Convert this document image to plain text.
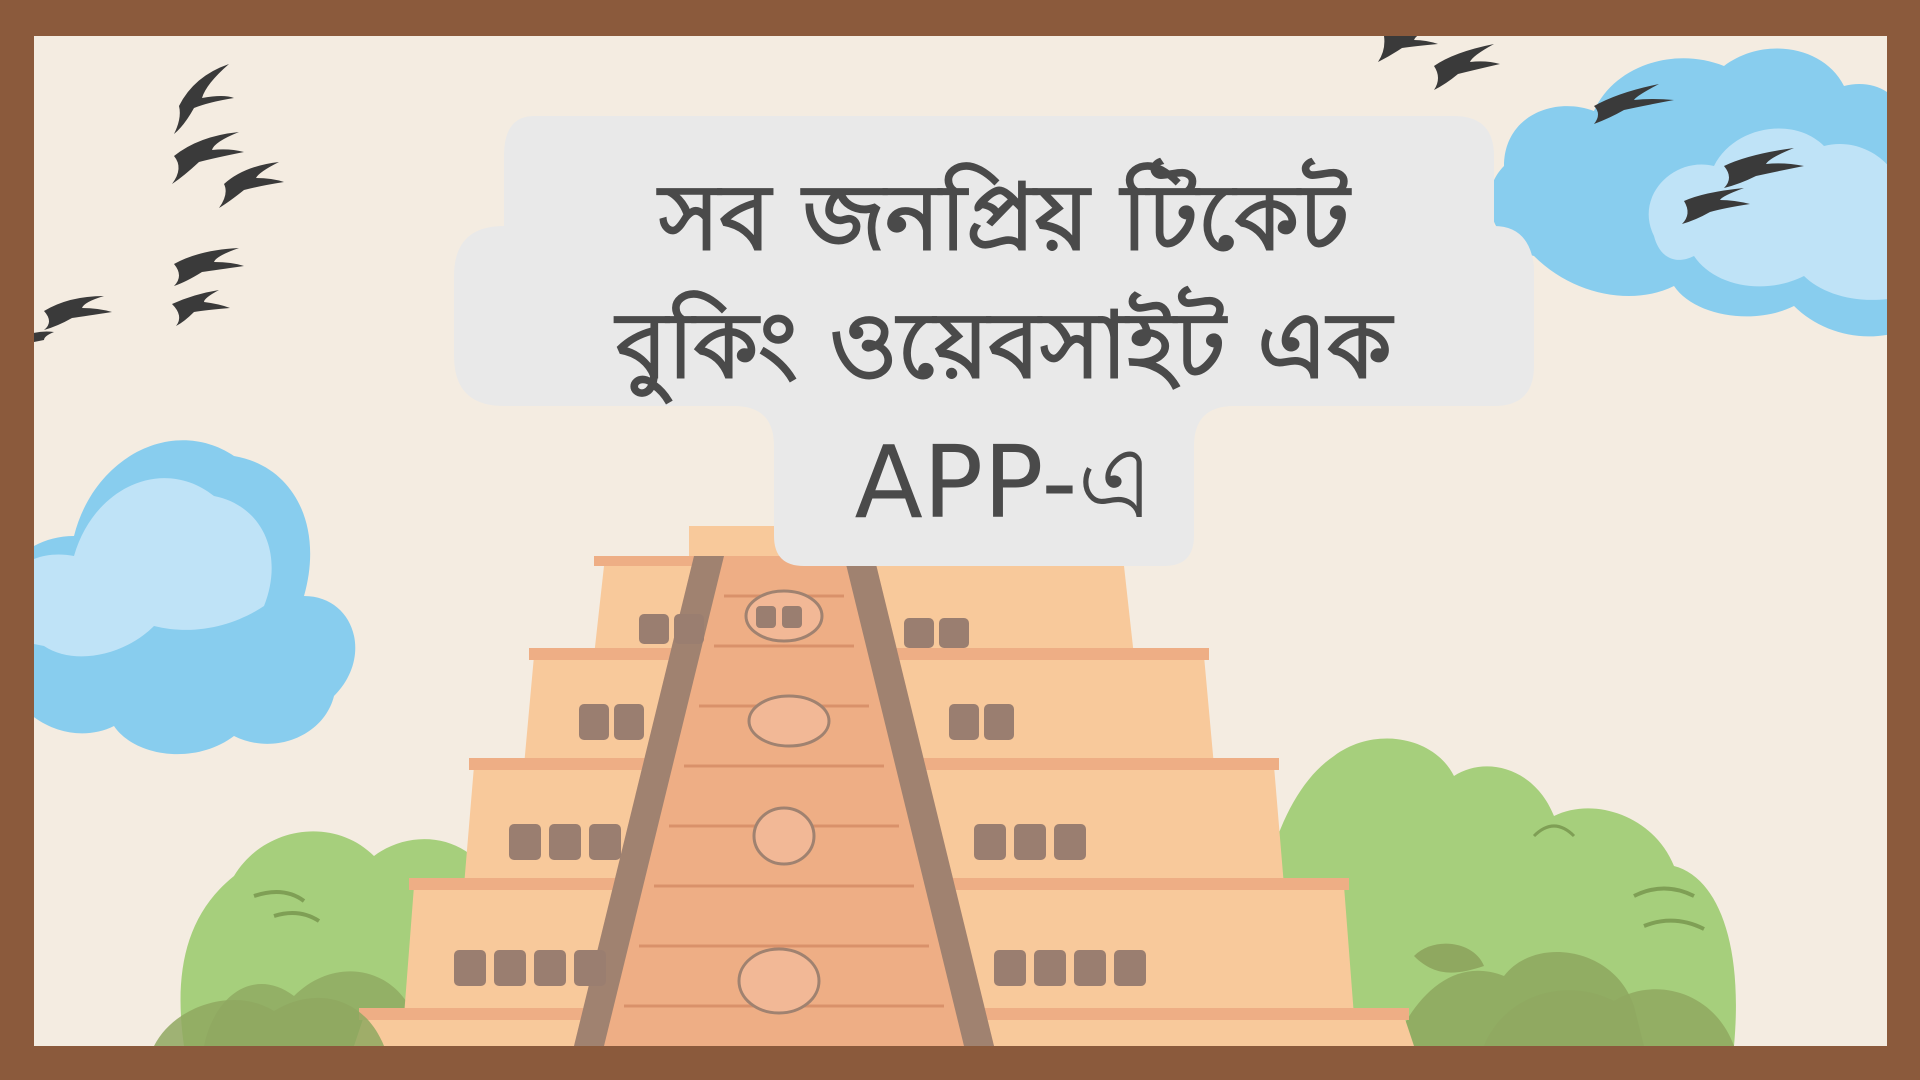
সব জনপ্রিয় টিকেট
বুকিং ওয়েবসাইট এক
APP-এ
